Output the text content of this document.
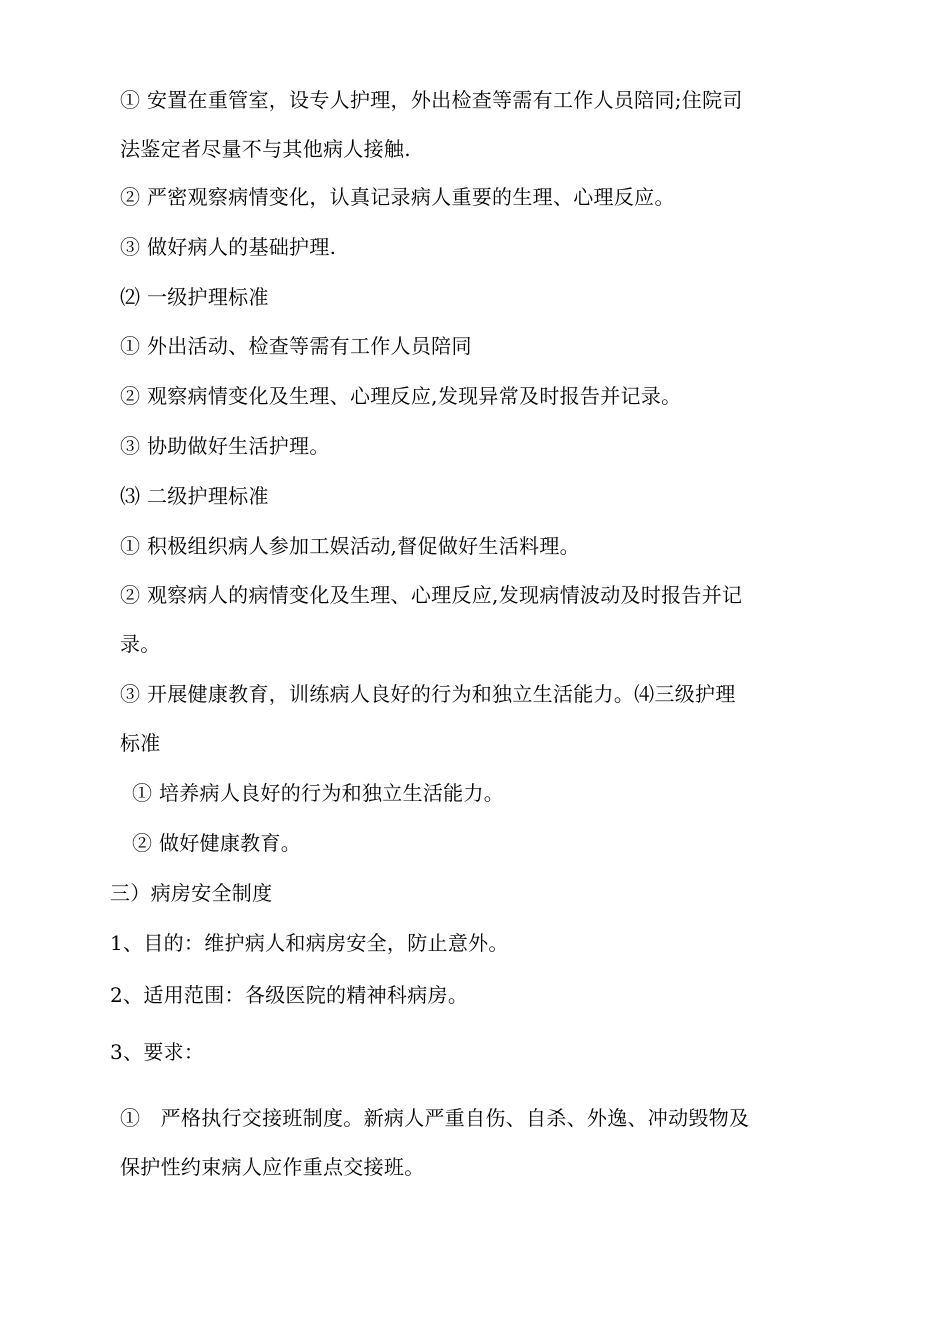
① 安置在重管室，设专人护理，外出检查等需有工作人员陪同;住院司
法鉴定者尽量不与其他病人接触.
② 严密观察病情变化，认真记录病人重要的生理、心理反应。
③ 做好病人的基础护理.
⑵ 一级护理标准
① 外出活动、检查等需有工作人员陪同
② 观察病情变化及生理、心理反应,发现异常及时报告并记录。
③ 协助做好生活护理。
⑶ 二级护理标准
① 积极组织病人参加工娱活动,督促做好生活料理。
② 观察病人的病情变化及生理、心理反应,发现病情波动及时报告并记
录。
③ 开展健康教育，训练病人良好的行为和独立生活能力。⑷三级护理
标准
① 培养病人良好的行为和独立生活能力。
② 做好健康教育。
三）病房安全制度
1、目的：维护病人和病房安全，防止意外。
2、适用范围：各级医院的精神科病房。
3、要求：
①　严格执行交接班制度。新病人严重自伤、自杀、外逸、冲动毁物及
保护性约束病人应作重点交接班。
